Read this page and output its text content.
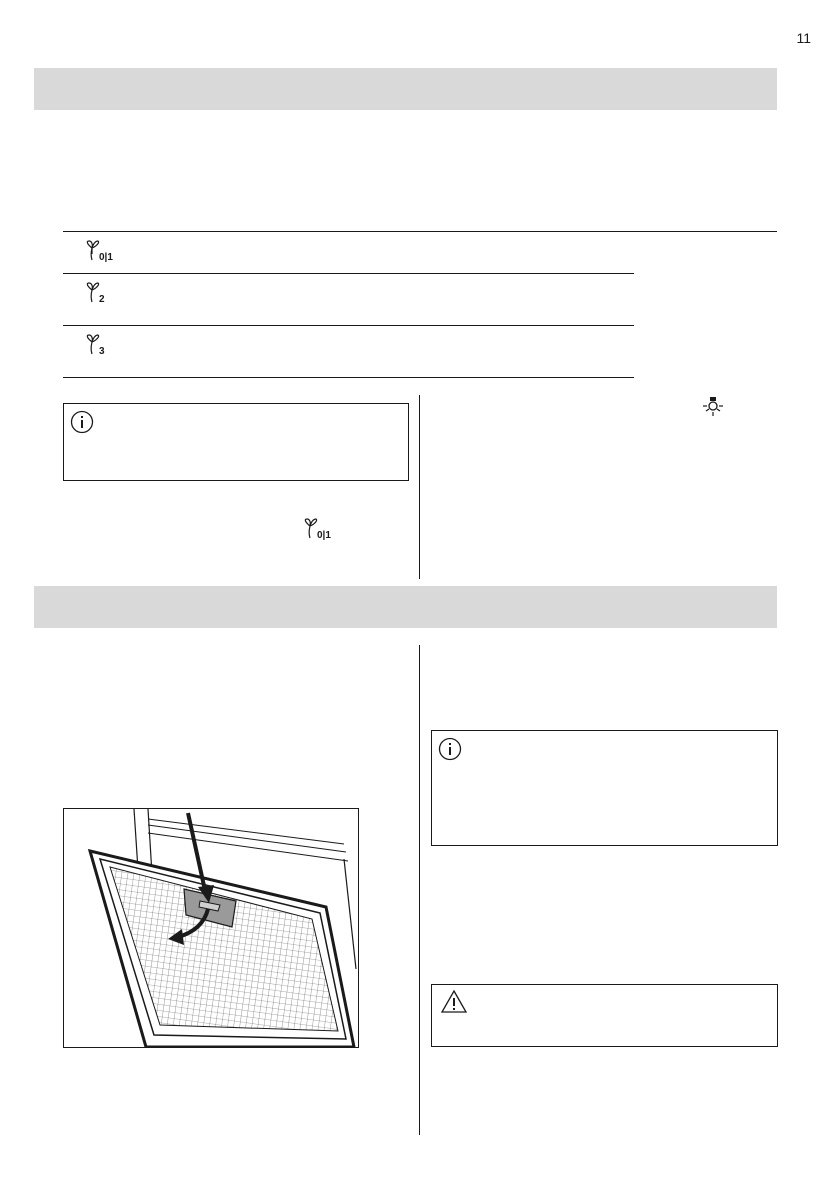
11
0|1
2
3
0|1
